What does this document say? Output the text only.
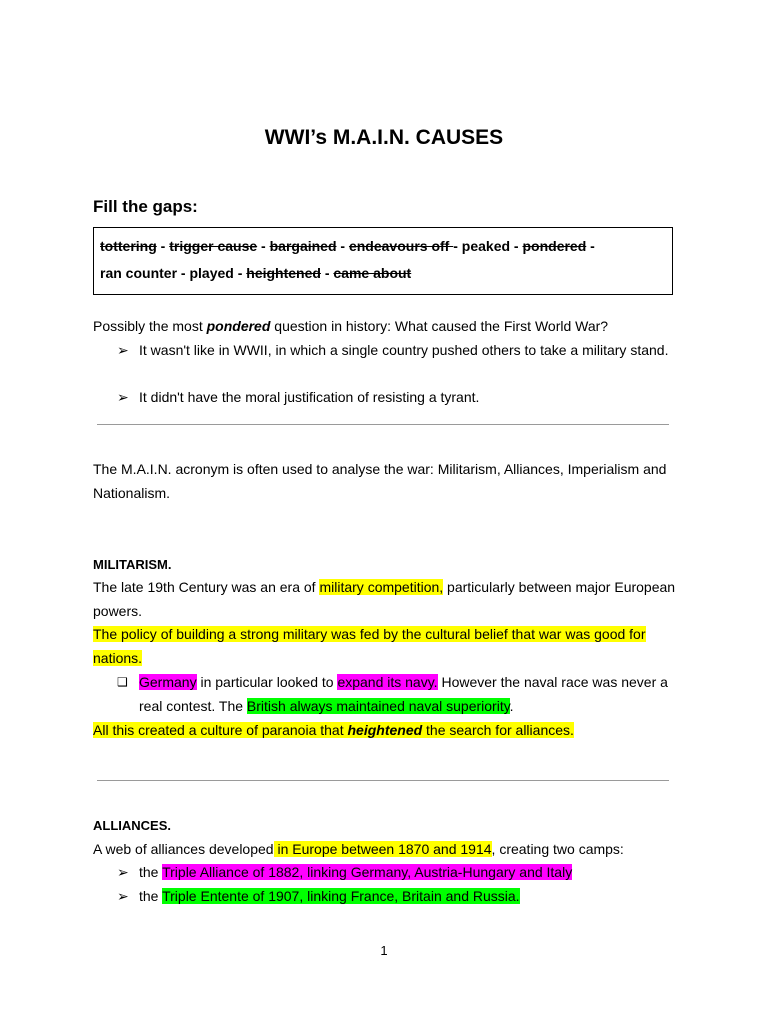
WWI’s M.A.I.N. CAUSES
Fill the gaps:
tottering - trigger cause - bargained - endeavours off - peaked - pondered -
ran counter - played - heightened - came about
Possibly the most pondered question in history: What caused the First World War?
➢ It wasn't like in WWII, in which a single country pushed others to take a military stand.
➢ It didn't have the moral justification of resisting a tyrant.
The M.A.I.N. acronym is often used to analyse the war: Militarism, Alliances, Imperialism and Nationalism.
MILITARISM.
The late 19th Century was an era of military competition, particularly between major European powers.
The policy of building a strong military was fed by the cultural belief that war was good for nations.
❑ Germany in particular looked to expand its navy. However the naval race was never a real contest. The British always maintained naval superiority.
All this created a culture of paranoia that heightened the search for alliances.
ALLIANCES.
A web of alliances developed in Europe between 1870 and 1914, creating two camps:
➢ the Triple Alliance of 1882, linking Germany, Austria-Hungary and Italy
➢ the Triple Entente of 1907, linking France, Britain and Russia.
1
